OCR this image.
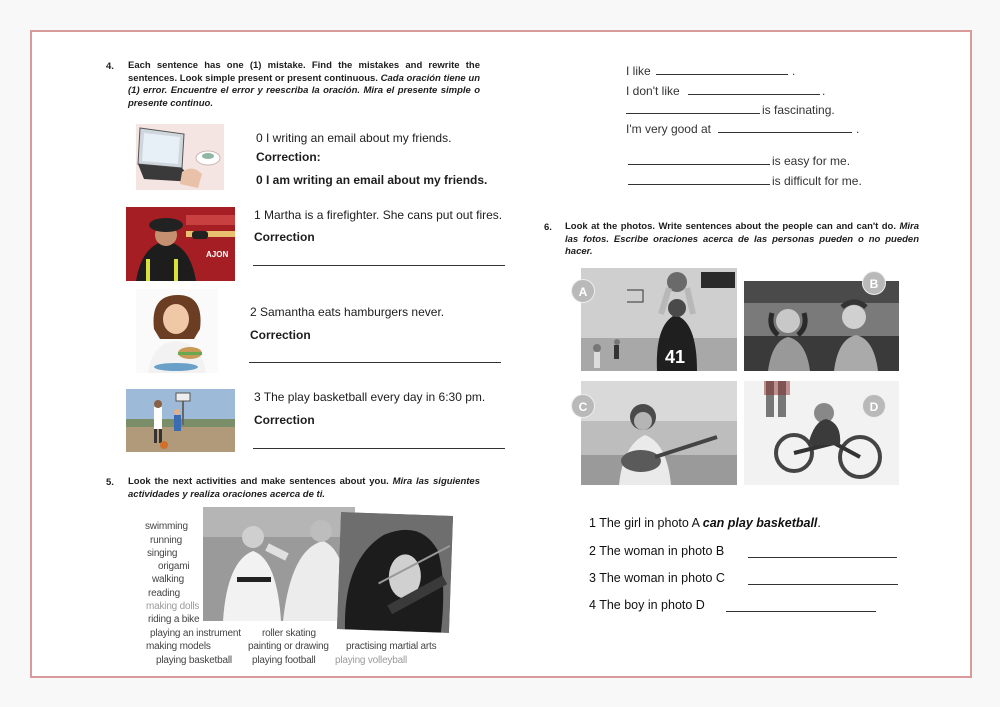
4. Each sentence has one (1) mistake. Find the mistakes and rewrite the sentences. Look simple present or present continuous. Cada oración tiene un (1) error. Encuentre el error y reescriba la oración. Mira el presente simple o presente continuo.
0 I writing an email about my friends.
Correction:
0 I am writing an email about my friends.
AJON
1 Martha is a firefighter. She cans put out fires.
Correction
2 Samantha eats hamburgers never.
Correction
3 The play basketball every day in 6:30 pm.
Correction
5. Look the next activities and make sentences about you. Mira las siguientes actividades y realiza oraciones acerca de ti.
swimming
running
singing
origami
walking
reading
making dolls
riding a bike
playing an instrument roller skating
making models	painting or drawing practising martial arts
playing basketball playing football playing volleyball
I like	.
I don't like	.
is fascinating.
I'm very good at	.
is easy for me.
is difficult for me.
6. Look at the photos. Write sentences about the people can and can't do. Mira las fotos. Escribe oraciones acerca de las personas pueden o no pueden hacer.
41
A
B
C	D
1 The girl in photo A can play basketball.
2 The woman in photo B
3 The woman in photo C
4 The boy in photo D
